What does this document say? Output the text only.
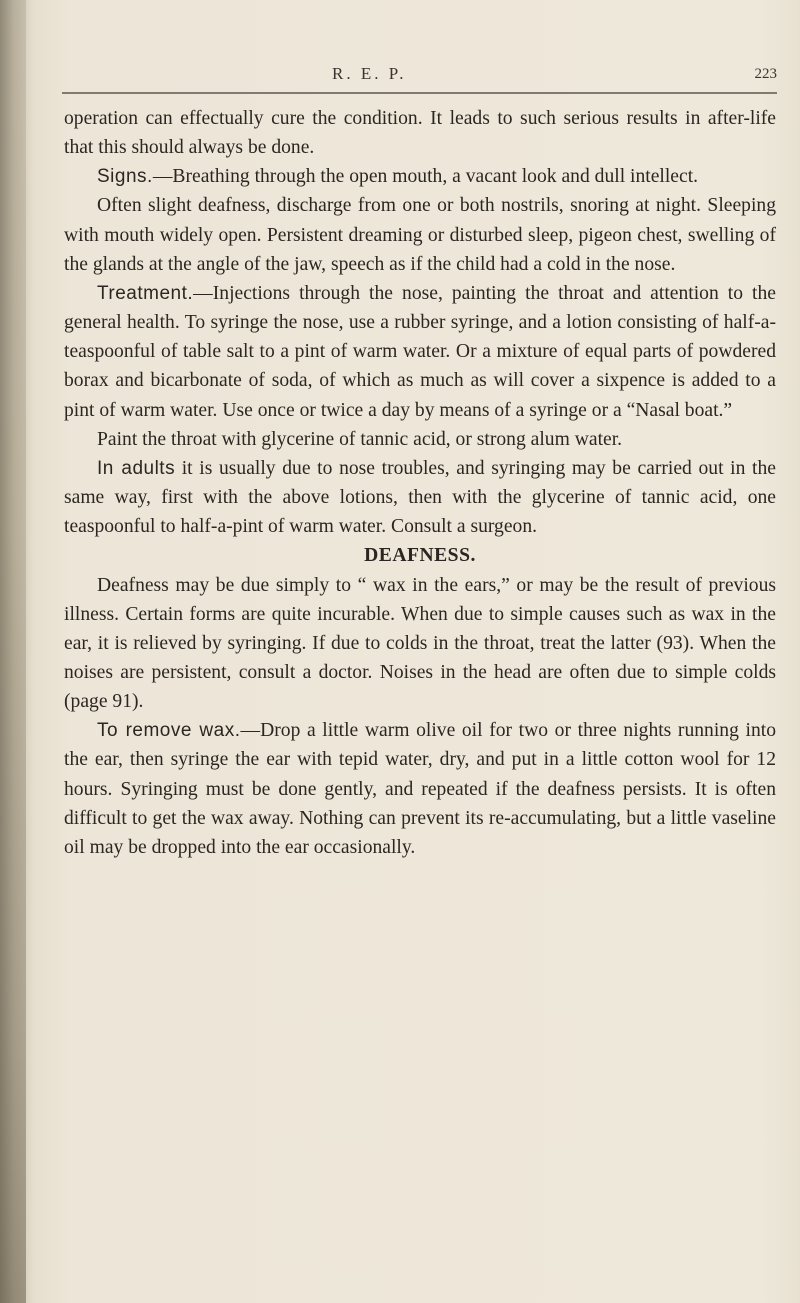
R. E. P.	223

operation can effectually cure the condition. It leads to such serious results in after-life that this should always be done.

Signs.—Breathing through the open mouth, a vacant look and dull intellect.

Often slight deafness, discharge from one or both nostrils, snoring at night. Sleeping with mouth widely open. Persistent dreaming or disturbed sleep, pigeon chest, swelling of the glands at the angle of the jaw, speech as if the child had a cold in the nose.

Treatment.—Injections through the nose, painting the throat and attention to the general health. To syringe the nose, use a rubber syringe, and a lotion consisting of half-a-teaspoonful of table salt to a pint of warm water. Or a mixture of equal parts of powdered borax and bicarbonate of soda, of which as much as will cover a sixpence is added to a pint of warm water. Use once or twice a day by means of a syringe or a “Nasal boat.”

Paint the throat with glycerine of tannic acid, or strong alum water.

In adults it is usually due to nose troubles, and syringing may be carried out in the same way, first with the above lotions, then with the glycerine of tannic acid, one teaspoonful to half-a-pint of warm water. Consult a surgeon.

DEAFNESS.

Deafness may be due simply to “ wax in the ears,” or may be the result of previous illness. Certain forms are quite incurable. When due to simple causes such as wax in the ear, it is relieved by syringing. If due to colds in the throat, treat the latter (93). When the noises are persistent, consult a doctor. Noises in the head are often due to simple colds (page 91).

To remove wax.—Drop a little warm olive oil for two or three nights running into the ear, then syringe the ear with tepid water, dry, and put in a little cotton wool for 12 hours. Syringing must be done gently, and repeated if the deafness persists. It is often difficult to get the wax away. Nothing can prevent its re-accumulating, but a little vaseline oil may be dropped into the ear occasionally.
